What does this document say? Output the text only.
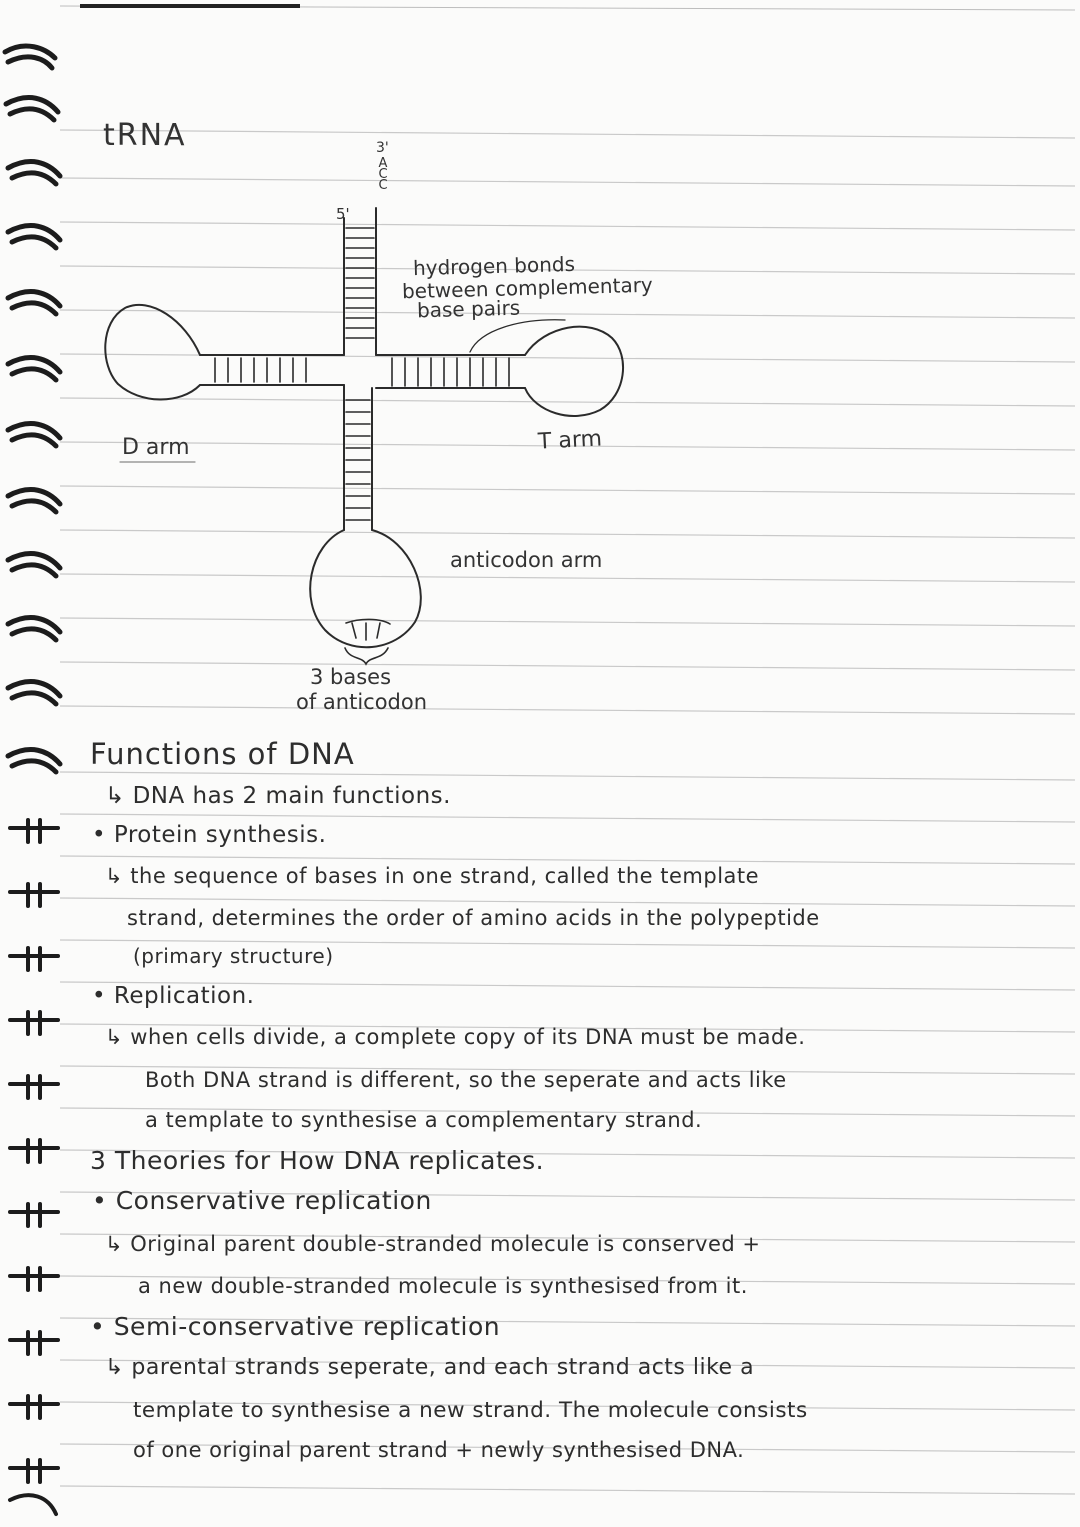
tRNA	3'
A
C
C
5'
hydrogen bonds
between complementary
base pairs
D arm	T arm
anticodon arm
3 bases
of anticodon
Functions of DNA
↳ DNA has 2 main functions.
• Protein synthesis.
↳ the sequence of bases in one strand, called the template
strand, determines the order of amino acids in the polypeptide
(primary structure)
• Replication.
↳ when cells divide, a complete copy of its DNA must be made.
Both DNA strand is different, so the seperate and acts like
a template to synthesise a complementary strand.
3 Theories for How DNA replicates.
• Conservative replication
↳ Original parent double-stranded molecule is conserved +
a new double-stranded molecule is synthesised from it.
• Semi-conservative replication
↳ parental strands seperate, and each strand acts like a
template to synthesise a new strand. The molecule consists
of one original parent strand + newly synthesised DNA.
